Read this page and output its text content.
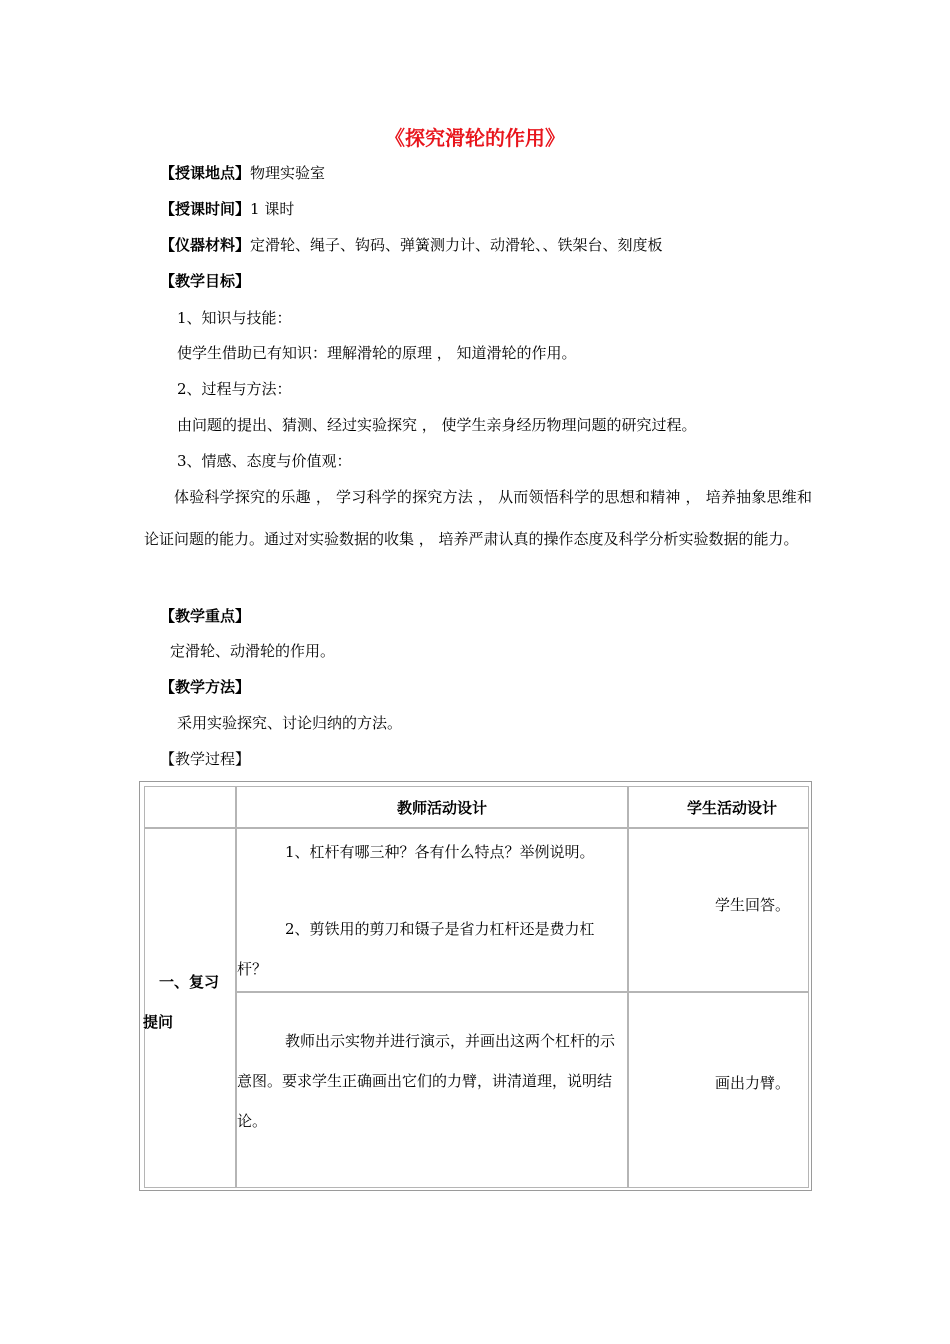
《探究滑轮的作用》
【授课地点】物理实验室
【授课时间】1 课时
【仪器材料】定滑轮、绳子、钩码、弹簧测力计、动滑轮、、铁架台、刻度板
【教学目标】
1、知识与技能：
使学生借助已有知识：理解滑轮的原理 ， 知道滑轮的作用。
2、过程与方法：
由问题的提出、猜测、经过实验探究 ， 使学生亲身经历物理问题的研究过程。
3、情感、态度与价值观：
体验科学探究的乐趣 ， 学习科学的探究方法 ， 从而领悟科学的思想和精神 ， 培养抽象思维和论证问题的能力。通过对实验数据的收集 ， 培养严肃认真的操作态度及科学分析实验数据的能力。
【教学重点】
定滑轮、动滑轮的作用。
【教学方法】
采用实验探究、讨论归纳的方法。
【教学过程】
教师活动设计	学生活动设计
一、复习
提问
1、杠杆有哪三种？各有什么特点？举例说明。
2、剪铁用的剪刀和镊子是省力杠杆还是费力杠杆？
学生回答。
教师出示实物并进行演示，并画出这两个杠杆的示意图。要求学生正确画出它们的力臂，讲清道理，说明结论。
画出力臂。
